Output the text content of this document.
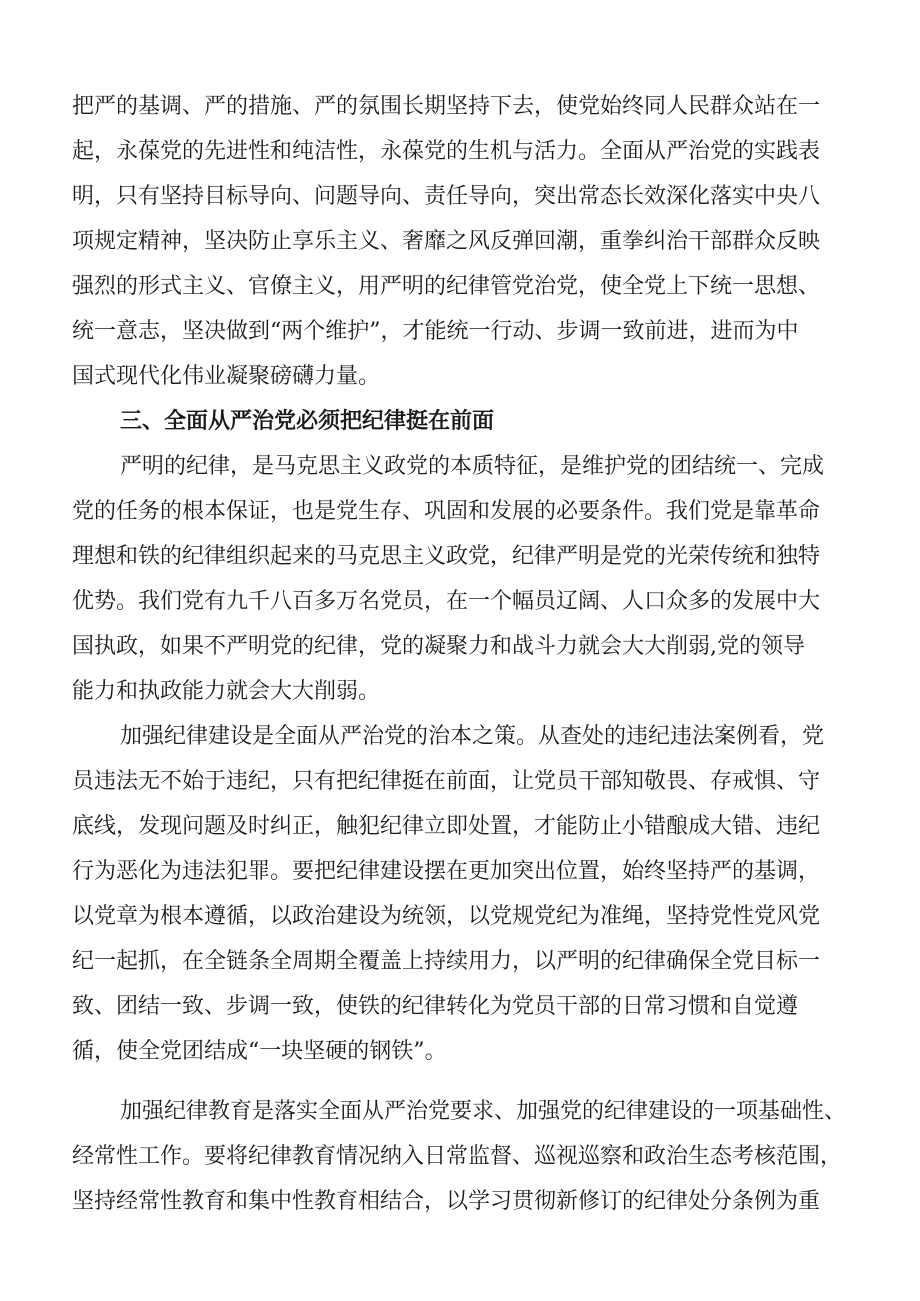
把严的基调、严的措施、严的氛围长期坚持下去，使党始终同人民群众站在一
起，永葆党的先进性和纯洁性，永葆党的生机与活力。全面从严治党的实践表
明，只有坚持目标导向、问题导向、责任导向，突出常态长效深化落实中央八
项规定精神，坚决防止享乐主义、奢靡之风反弹回潮，重拳纠治干部群众反映
强烈的形式主义、官僚主义，用严明的纪律管党治党，使全党上下统一思想、
统一意志，坚决做到“两个维护”，才能统一行动、步调一致前进，进而为中
国式现代化伟业凝聚磅礴力量。
三、全面从严治党必须把纪律挺在前面
严明的纪律，是马克思主义政党的本质特征，是维护党的团结统一、完成
党的任务的根本保证，也是党生存、巩固和发展的必要条件。我们党是靠革命
理想和铁的纪律组织起来的马克思主义政党，纪律严明是党的光荣传统和独特
优势。我们党有九千八百多万名党员，在一个幅员辽阔、人口众多的发展中大
国执政，如果不严明党的纪律，党的凝聚力和战斗力就会大大削弱,党的领导
能力和执政能力就会大大削弱。
加强纪律建设是全面从严治党的治本之策。从查处的违纪违法案例看，党
员违法无不始于违纪，只有把纪律挺在前面，让党员干部知敬畏、存戒惧、守
底线，发现问题及时纠正，触犯纪律立即处置，才能防止小错酿成大错、违纪
行为恶化为违法犯罪。要把纪律建设摆在更加突出位置，始终坚持严的基调，
以党章为根本遵循，以政治建设为统领，以党规党纪为准绳，坚持党性党风党
纪一起抓，在全链条全周期全覆盖上持续用力，以严明的纪律确保全党目标一
致、团结一致、步调一致，使铁的纪律转化为党员干部的日常习惯和自觉遵
循，使全党团结成“一块坚硬的钢铁”。
加强纪律教育是落实全面从严治党要求、加强党的纪律建设的一项基础性、
经常性工作。要将纪律教育情况纳入日常监督、巡视巡察和政治生态考核范围，
坚持经常性教育和集中性教育相结合，以学习贯彻新修订的纪律处分条例为重
